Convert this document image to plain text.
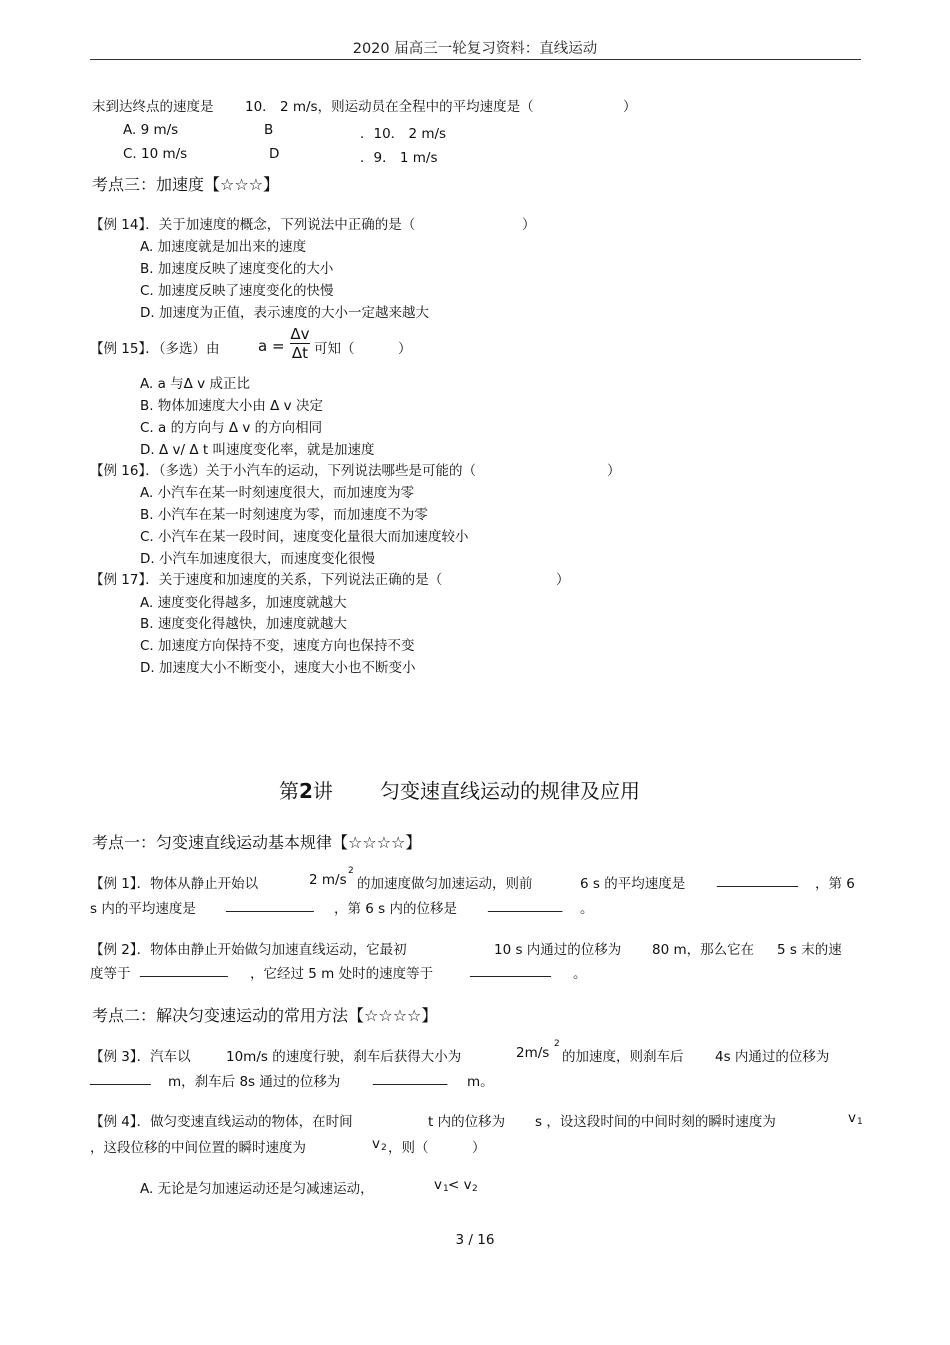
2020 届高三一轮复习资料：直线运动
末到达终点的速度是 10． 2 m/s，则运动员在全程中的平均速度是（	）
A. 9 m/s	B	．10． 2 m/s
C. 10 m/s	D	．9． 1 m/s
考点三：加速度【☆☆☆】
【例 14】．关于加速度的概念，下列说法中正确的是（	）
A. 加速度就是加出来的速度
B. 加速度反映了速度变化的大小
C. 加速度反映了速度变化的快慢
D. 加速度为正值，表示速度的大小一定越来越大
【例 15】．（多选）由	a =
Δv
Δt 可知（	）
A. a 与Δ v 成正比
B. 物体加速度大小由 Δ v 决定
C. a 的方向与 Δ v 的方向相同
D. Δ v/ Δ t 叫速度变化率，就是加速度
【例 16】．（多选）关于小汽车的运动，下列说法哪些是可能的（	）
A. 小汽车在某一时刻速度很大，而加速度为零
B. 小汽车在某一时刻速度为零，而加速度不为零
C. 小汽车在某一段时间，速度变化量很大而加速度较小
D. 小汽车加速度很大，而速度变化很慢
【例 17】．关于速度和加速度的关系，下列说法正确的是（	）
A. 速度变化得越多，加速度就越大
B. 速度变化得越快，加速度就越大
C. 加速度方向保持不变，速度方向也保持不变
D. 加速度大小不断变小，速度大小也不断变小
第2讲 匀变速直线运动的规律及应用
考点一：匀变速直线运动基本规律【☆☆☆☆】
【例 1】．物体从静止开始以	2 m/s
2
的加速度做匀加速运动，则前	6 s 的平均速度是 ____________ ，第 6
s 内的平均速度是 _____________ ，第 6 s 内的位移是 ___________ 。
【例 2】．物体由静止开始做匀加速直线运动，它最初	10 s 内通过的位移为 80 m，那么它在 5 s 末的速
度等于 _____________ ，它经过 5 m 处时的速度等于	____________ 。
考点二：解决匀变速运动的常用方法【☆☆☆☆】
【例 3】．汽车以	10m/s 的速度行驶，刹车后获得大小为	2m/s
2
的加速度，则刹车后 4s 内通过的位移为
_________ m，刹车后 8s 通过的位移为 ___________ m。
【例 4】．做匀变速直线运动的物体，在时间	t 内的位移为 s ，设这段时间的中间时刻的瞬时速度为	v 1
，这段位移的中间位置的瞬时速度为	v 2 ，则（	）
A. 无论是匀加速运动还是匀减速运动，	v 1 < v 2
3 / 16
